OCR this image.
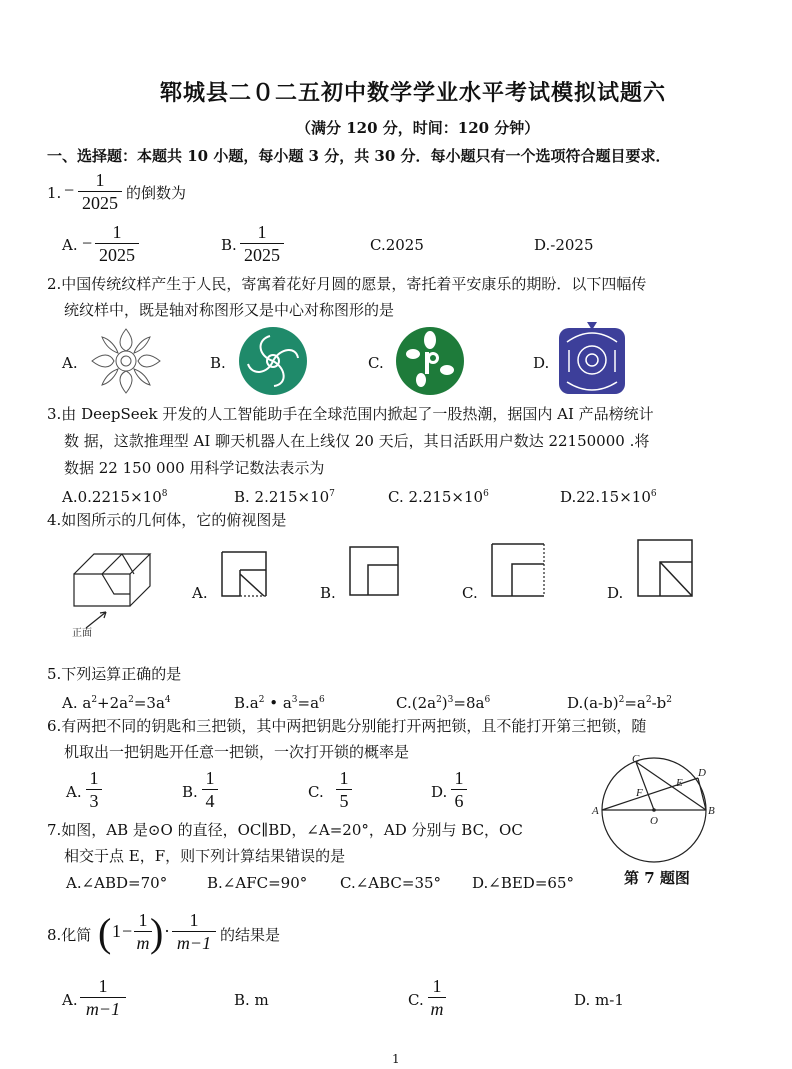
郓城县二０二五初中数学学业水平考试模拟试题六
（满分 120 分，时间：120 分钟）
一、选择题：本题共 10 小题，每小题 3 分，共 30 分．每小题只有一个选项符合题目要求．
1. −	1
2025 的倒数为
A. −
1
2025	B.
1
2025	C.2025	D.-2025
2.中国传统纹样产生于人民，寄寓着花好月圆的愿景，寄托着平安康乐的期盼．以下四幅传
统纹样中，既是轴对称图形又是中心对称图形的是
A.	B.	C.	D.
3.由 DeepSeek 开发的人工智能助手在全球范围内掀起了一股热潮，据国内 AI 产品榜统计
数 据，这款推理型 AI 聊天机器人在上线仅 20 天后，其日活跃用户数达 22150000 .将
数据 22 150 000 用科学记数法表示为
$A.0.2215\times 10^8$	B. $2.215\times 10^7$	C. $2.215\times 10^6$	$D.22.15\times 10^6$
4.如图所示的几何体，它的俯视图是
正面
A.	B.	C.	D.
5.下列运算正确的是
A. $a^2+2a^2=3a^4$	$B.a^2$ • $a^3=a^6$	$C.(2a^2)^3=8a^6$	$D.(a-b)^2=a^2-b^2$
6.有两把不同的钥匙和三把锁，其中两把钥匙分别能打开两把锁，且不能打开第三把锁，随
机取出一把钥匙开任意一把锁，一次打开锁的概率是
A.
1
3	B.
1
4	C.
1
5	D.
1
6	A	B
C
D
E
F
O
7.如图，AB 是⊙O 的直径，OC∥BD，∠A=20°，AD 分别与 BC，OC
相交于点 E，F，则下列计算结果错误的是
A.∠ABD=70°	B.∠AFC=90° C.∠ABC=35° D.∠BED=65°	第 7 题图
8.化简 ( 1 −
1
m ) ·
1
m−1 的结果是
A.
1
m−1	B. m	C.
1
m	D. m-1
1
